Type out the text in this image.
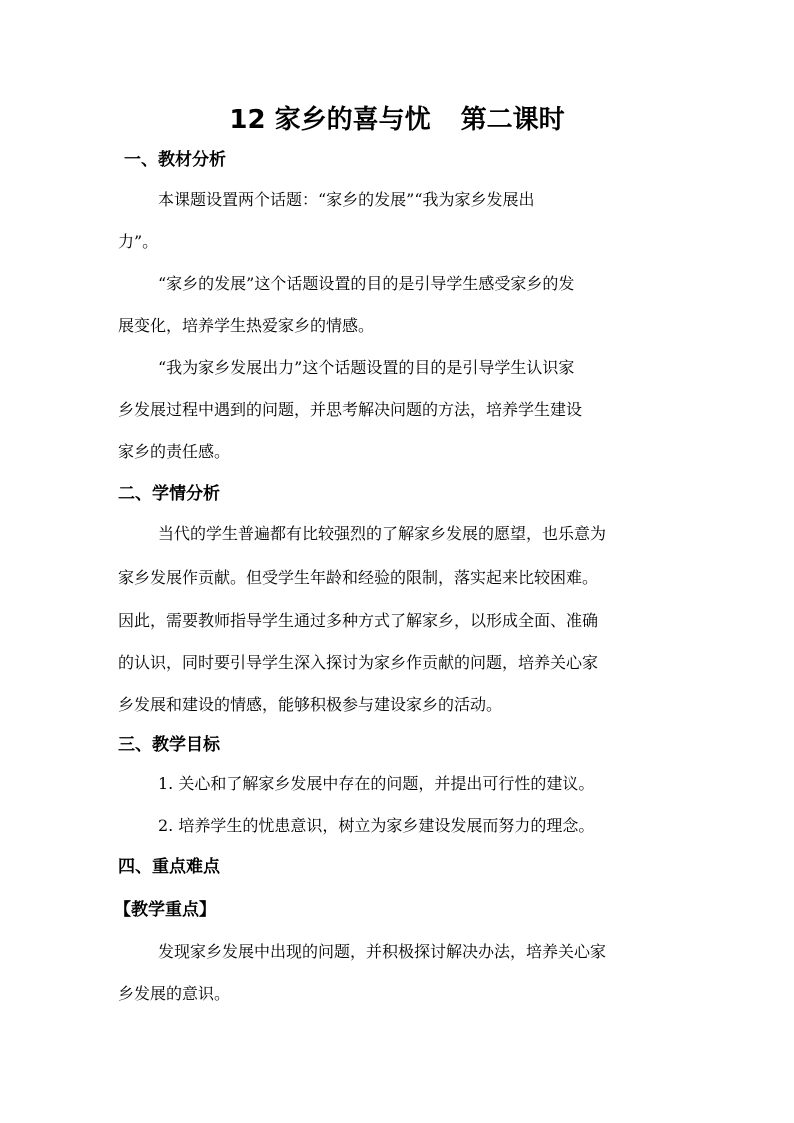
12 家乡的喜与忧 第二课时
一、教材分析
本课题设置两个话题：“家乡的发展”“我为家乡发展出
力”。
“家乡的发展”这个话题设置的目的是引导学生感受家乡的发
展变化，培养学生热爱家乡的情感。
“我为家乡发展出力”这个话题设置的目的是引导学生认识家
乡发展过程中遇到的问题，并思考解决问题的方法，培养学生建设
家乡的责任感。
二、学情分析
当代的学生普遍都有比较强烈的了解家乡发展的愿望，也乐意为
家乡发展作贡献。但受学生年龄和经验的限制，落实起来比较困难。
因此，需要教师指导学生通过多种方式了解家乡，以形成全面、准确
的认识，同时要引导学生深入探讨为家乡作贡献的问题，培养关心家
乡发展和建设的情感，能够积极参与建设家乡的活动。
三、教学目标
1. 关心和了解家乡发展中存在的问题，并提出可行性的建议。
2. 培养学生的忧患意识，树立为家乡建设发展而努力的理念。
四、重点难点
【教学重点】
发现家乡发展中出现的问题，并积极探讨解决办法，培养关心家
乡发展的意识。
